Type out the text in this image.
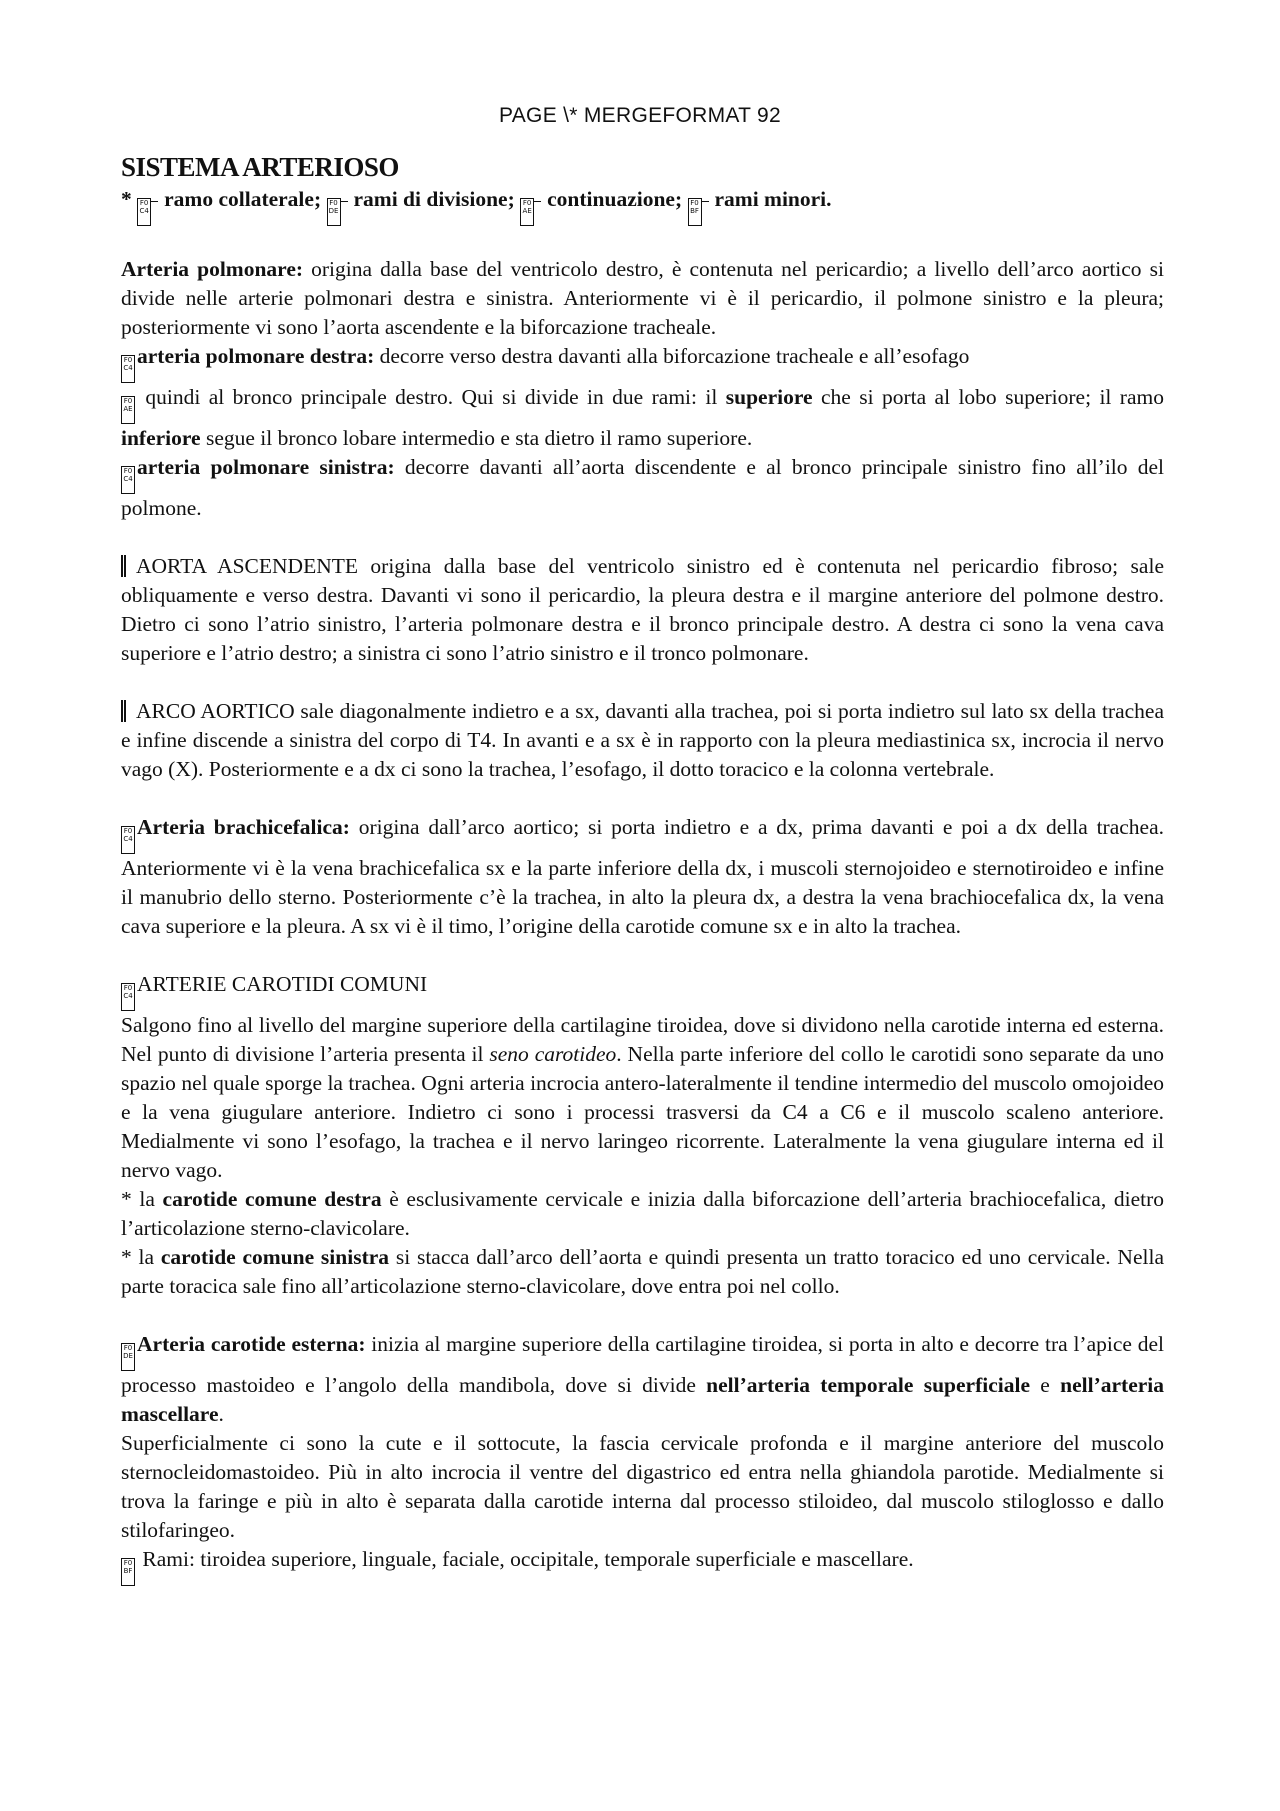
PAGE \* MERGEFORMAT 92
SISTEMA ARTERIOSO
* F0
C4 ramo collaterale; F0
DE rami di divisione; F0
AE continuazione; F0
BF rami minori.

Arteria polmonare: origina dalla base del ventricolo destro, è contenuta nel pericardio; a livello dell’arco aortico si divide nelle arterie polmonari destra e sinistra. Anteriormente vi è il pericardio, il polmone sinistro e la pleura; posteriormente vi sono l’aorta ascendente e la biforcazione tracheale.

F0
C4 arteria polmonare destra: decorre verso destra davanti alla biforcazione tracheale e all’esofago

F0
AE quindi al bronco principale destro. Qui si divide in due rami: il superiore che si porta al lobo superiore; il ramo inferiore segue il bronco lobare intermedio e sta dietro il ramo superiore.

F0
C4 arteria polmonare sinistra: decorre davanti all’aorta discendente e al bronco principale sinistro fino all’ilo del polmone.

AORTA ASCENDENTE origina dalla base del ventricolo sinistro ed è contenuta nel pericardio fibroso; sale obliquamente e verso destra. Davanti vi sono il pericardio, la pleura destra e il margine anteriore del polmone destro. Dietro ci sono l’atrio sinistro, l’arteria polmonare destra e il bronco principale destro. A destra ci sono la vena cava superiore e l’atrio destro; a sinistra ci sono l’atrio sinistro e il tronco polmonare.

ARCO AORTICO sale diagonalmente indietro e a sx, davanti alla trachea, poi si porta indietro sul lato sx della trachea e infine discende a sinistra del corpo di T4. In avanti e a sx è in rapporto con la pleura mediastinica sx, incrocia il nervo vago (X). Posteriormente e a dx ci sono la trachea, l’esofago, il dotto toracico e la colonna vertebrale.

F0
C4 Arteria brachicefalica: origina dall’arco aortico; si porta indietro e a dx, prima davanti e poi a dx della trachea. Anteriormente vi è la vena brachicefalica sx e la parte inferiore della dx, i muscoli sternojoideo e sternotiroideo e infine il manubrio dello sterno. Posteriormente c’è la trachea, in alto la pleura dx, a destra la vena brachiocefalica dx, la vena cava superiore e la pleura. A sx vi è il timo, l’origine della carotide comune sx e in alto la trachea.

F0
C4 ARTERIE CAROTIDI COMUNI

Salgono fino al livello del margine superiore della cartilagine tiroidea, dove si dividono nella carotide interna ed esterna. Nel punto di divisione l’arteria presenta il seno carotideo. Nella parte inferiore del collo le carotidi sono separate da uno spazio nel quale sporge la trachea. Ogni arteria incrocia antero-lateralmente il tendine intermedio del muscolo omojoideo e la vena giugulare anteriore. Indietro ci sono i processi trasversi da C4 a C6 e il muscolo scaleno anteriore. Medialmente vi sono l’esofago, la trachea e il nervo laringeo ricorrente. Lateralmente la vena giugulare interna ed il nervo vago.

* la carotide comune destra è esclusivamente cervicale e inizia dalla biforcazione dell’arteria brachiocefalica, dietro l’articolazione sterno-clavicolare.

* la carotide comune sinistra si stacca dall’arco dell’aorta e quindi presenta un tratto toracico ed uno cervicale. Nella parte toracica sale fino all’articolazione sterno-clavicolare, dove entra poi nel collo.

F0
DE Arteria carotide esterna: inizia al margine superiore della cartilagine tiroidea, si porta in alto e decorre tra l’apice del processo mastoideo e l’angolo della mandibola, dove si divide nell’arteria temporale superficiale e nell’arteria mascellare.

Superficialmente ci sono la cute e il sottocute, la fascia cervicale profonda e il margine anteriore del muscolo sternocleidomastoideo. Più in alto incrocia il ventre del digastrico ed entra nella ghiandola parotide. Medialmente si trova la faringe e più in alto è separata dalla carotide interna dal processo stiloideo, dal muscolo stiloglosso e dallo stilofaringeo.

F0
BF Rami: tiroidea superiore, linguale, faciale, occipitale, temporale superficiale e mascellare.
